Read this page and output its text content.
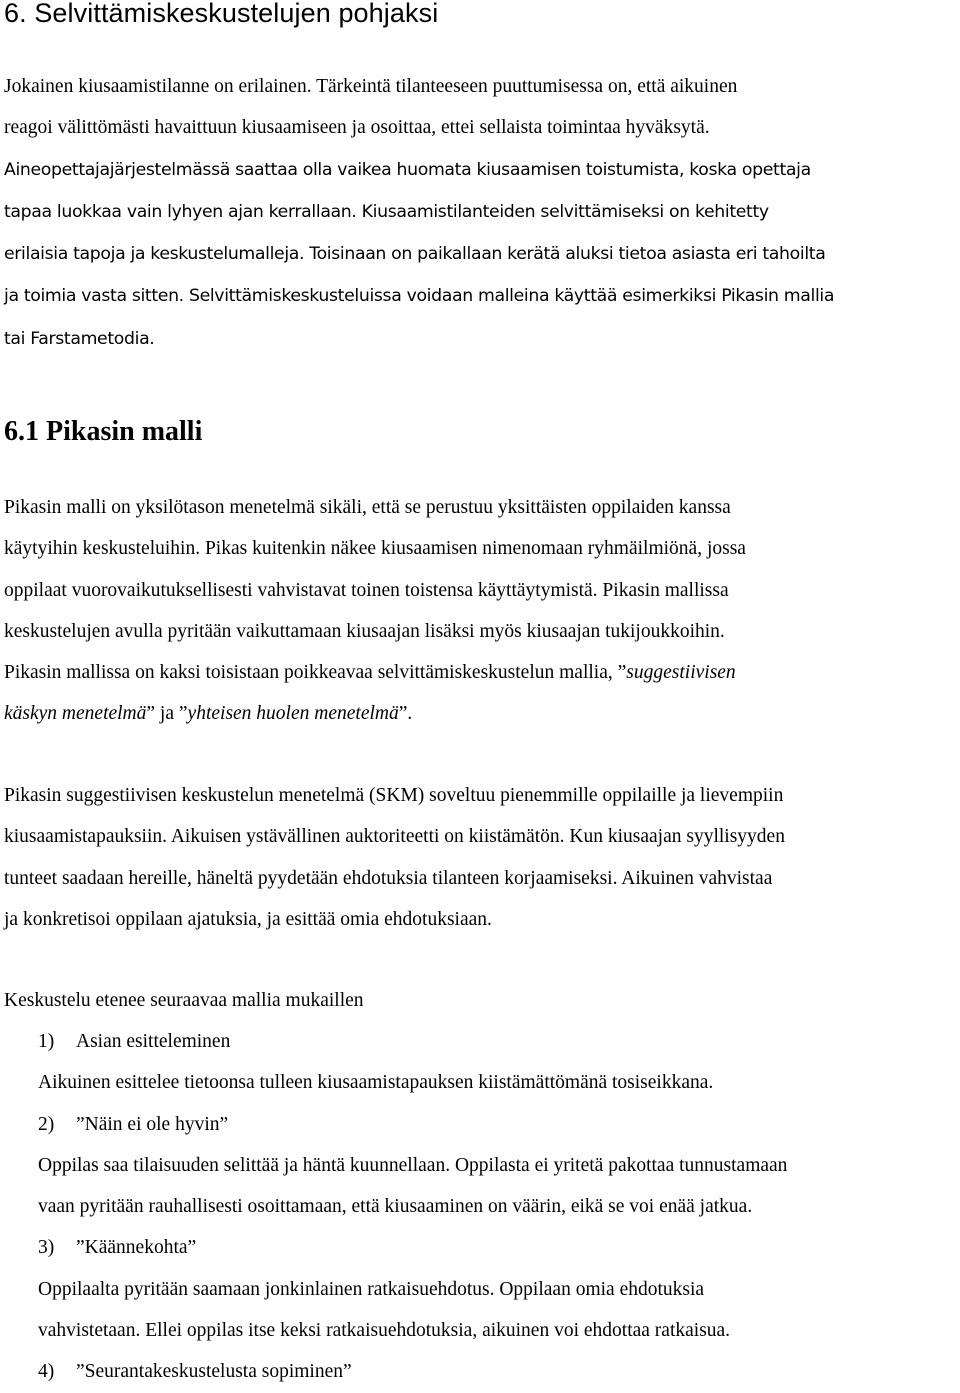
6. Selvittämiskeskustelujen pohjaksi
Jokainen kiusaamistilanne on erilainen. Tärkeintä tilanteeseen puuttumisessa on, että aikuinen
reagoi välittömästi havaittuun kiusaamiseen ja osoittaa, ettei sellaista toimintaa hyväksytä.
Aineopettajajärjestelmässä saattaa olla vaikea huomata kiusaamisen toistumista, koska opettaja
tapaa luokkaa vain lyhyen ajan kerrallaan. Kiusaamistilanteiden selvittämiseksi on kehitetty
erilaisia tapoja ja keskustelumalleja. Toisinaan on paikallaan kerätä aluksi tietoa asiasta eri tahoilta
ja toimia vasta sitten. Selvittämiskeskusteluissa voidaan malleina käyttää esimerkiksi Pikasin mallia
tai Farstametodia.
6.1 Pikasin malli
Pikasin malli on yksilötason menetelmä sikäli, että se perustuu yksittäisten oppilaiden kanssa
käytyihin keskusteluihin. Pikas kuitenkin näkee kiusaamisen nimenomaan ryhmäilmiönä, jossa
oppilaat vuorovaikutuksellisesti vahvistavat toinen toistensa käyttäytymistä. Pikasin mallissa
keskustelujen avulla pyritään vaikuttamaan kiusaajan lisäksi myös kiusaajan tukijoukkoihin.
Pikasin mallissa on kaksi toisistaan poikkeavaa selvittämiskeskustelun mallia, ”suggestiivisen
käskyn menetelmä” ja ”yhteisen huolen menetelmä”.
Pikasin suggestiivisen keskustelun menetelmä (SKM) soveltuu pienemmille oppilaille ja lievempiin
kiusaamistapauksiin. Aikuisen ystävällinen auktoriteetti on kiistämätön. Kun kiusaajan syyllisyyden
tunteet saadaan hereille, häneltä pyydetään ehdotuksia tilanteen korjaamiseksi. Aikuinen vahvistaa
ja konkretisoi oppilaan ajatuksia, ja esittää omia ehdotuksiaan.
Keskustelu etenee seuraavaa mallia mukaillen
1) Asian esitteleminen
Aikuinen esittelee tietoonsa tulleen kiusaamistapauksen kiistämättömänä tosiseikkana.
2) ”Näin ei ole hyvin”
Oppilas saa tilaisuuden selittää ja häntä kuunnellaan. Oppilasta ei yritetä pakottaa tunnustamaan
vaan pyritään rauhallisesti osoittamaan, että kiusaaminen on väärin, eikä se voi enää jatkua.
3) ”Käännekohta”
Oppilaalta pyritään saamaan jonkinlainen ratkaisuehdotus. Oppilaan omia ehdotuksia
vahvistetaan. Ellei oppilas itse keksi ratkaisuehdotuksia, aikuinen voi ehdottaa ratkaisua.
4) ”Seurantakeskustelusta sopiminen”
